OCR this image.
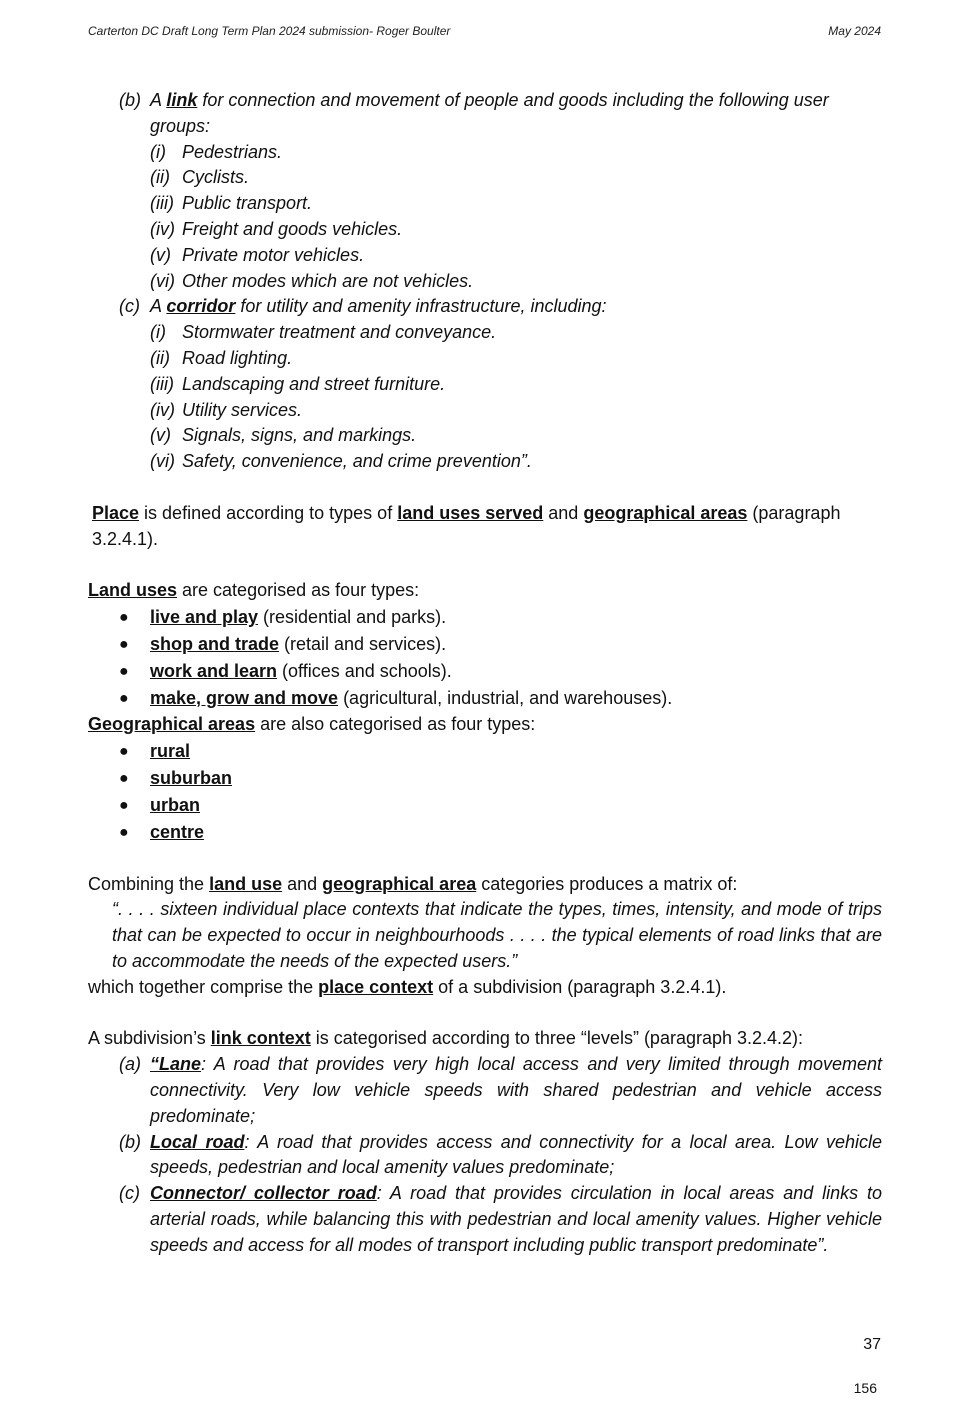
Carterton DC Draft Long Term Plan 2024 submission- Roger Boulter	May 2024
(b) A link for connection and movement of people and goods including the following user groups:
(i) Pedestrians.
(ii) Cyclists.
(iii) Public transport.
(iv) Freight and goods vehicles.
(v) Private motor vehicles.
(vi) Other modes which are not vehicles.
(c) A corridor for utility and amenity infrastructure, including:
(i) Stormwater treatment and conveyance.
(ii) Road lighting.
(iii) Landscaping and street furniture.
(iv) Utility services.
(v) Signals, signs, and markings.
(vi) Safety, convenience, and crime prevention”.

Place is defined according to types of land uses served and geographical areas (paragraph 3.2.4.1).

Land uses are categorised as four types:

● live and play (residential and parks).
● shop and trade (retail and services).
● work and learn (offices and schools).
● make, grow and move (agricultural, industrial, and warehouses).

Geographical areas are also categorised as four types:

● rural
● suburban
● urban
● centre

Combining the land use and geographical area categories produces a matrix of:

“. . . . sixteen individual place contexts that indicate the types, times, intensity, and mode of trips that can be expected to occur in neighbourhoods . . . . the typical elements of road links that are to accommodate the needs of the expected users.”

which together comprise the place context of a subdivision (paragraph 3.2.4.1).

A subdivision’s link context is categorised according to three “levels” (paragraph 3.2.4.2):

(a) “Lane: A road that provides very high local access and very limited through movement connectivity. Very low vehicle speeds with shared pedestrian and vehicle access predominate;
(b) Local road: A road that provides access and connectivity for a local area. Low vehicle speeds, pedestrian and local amenity values predominate;
(c) Connector/ collector road: A road that provides circulation in local areas and links to arterial roads, while balancing this with pedestrian and local amenity values. Higher vehicle speeds and access for all modes of transport including public transport predominate”.
37
156
